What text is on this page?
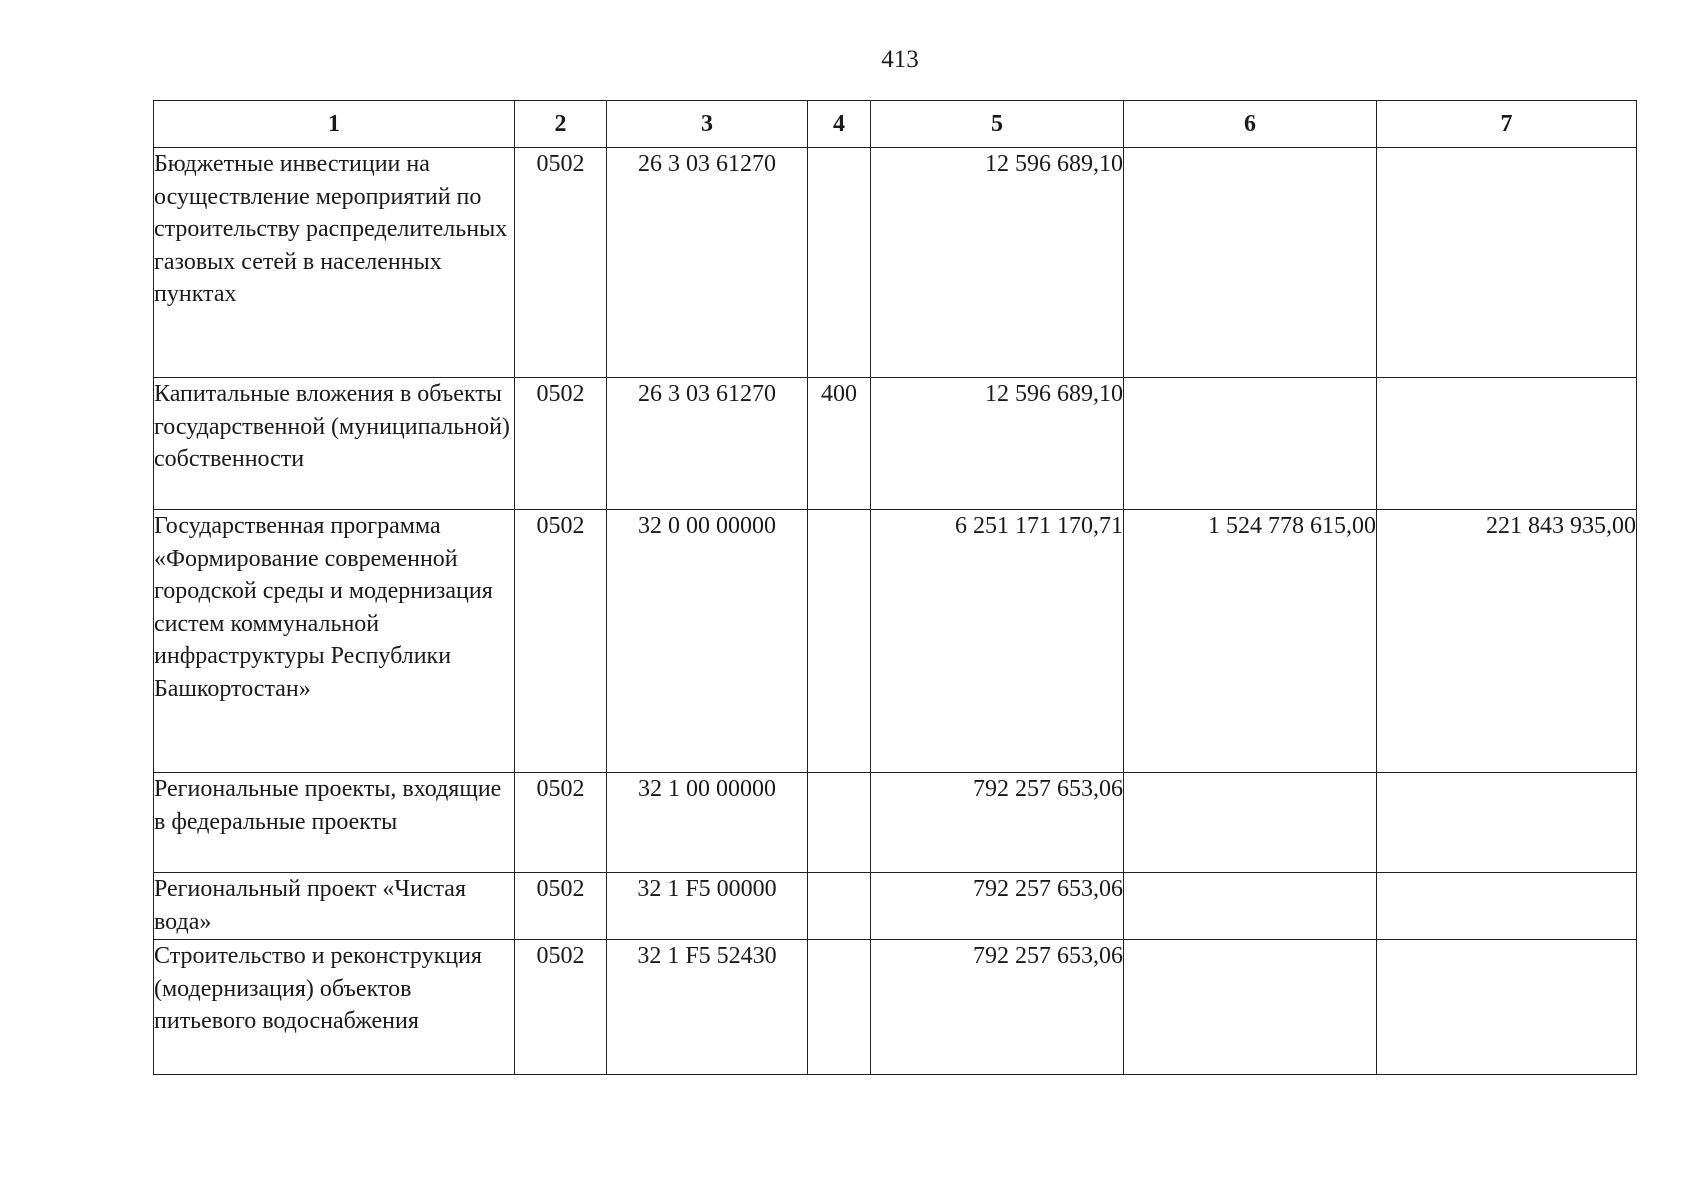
413
1	2	3	4	5	6	7
Бюджетные инвестиции на осуществление мероприятий по строительству распределительных газовых сетей в населенных пунктах	0502	26 3 03 61270		12 596 689,10		
Капитальные вложения в объекты государственной (муниципальной) собственности	0502	26 3 03 61270	400	12 596 689,10		
Государственная программа «Формирование современной городской среды и модернизация систем коммунальной инфраструктуры Республики Башкортостан»	0502	32 0 00 00000		6 251 171 170,71	1 524 778 615,00	221 843 935,00
Региональные проекты, входящие в федеральные проекты	0502	32 1 00 00000		792 257 653,06		
Региональный проект «Чистая вода»	0502	32 1 F5 00000		792 257 653,06		
Строительство и реконструкция (модернизация) объектов питьевого водоснабжения	0502	32 1 F5 52430		792 257 653,06		
